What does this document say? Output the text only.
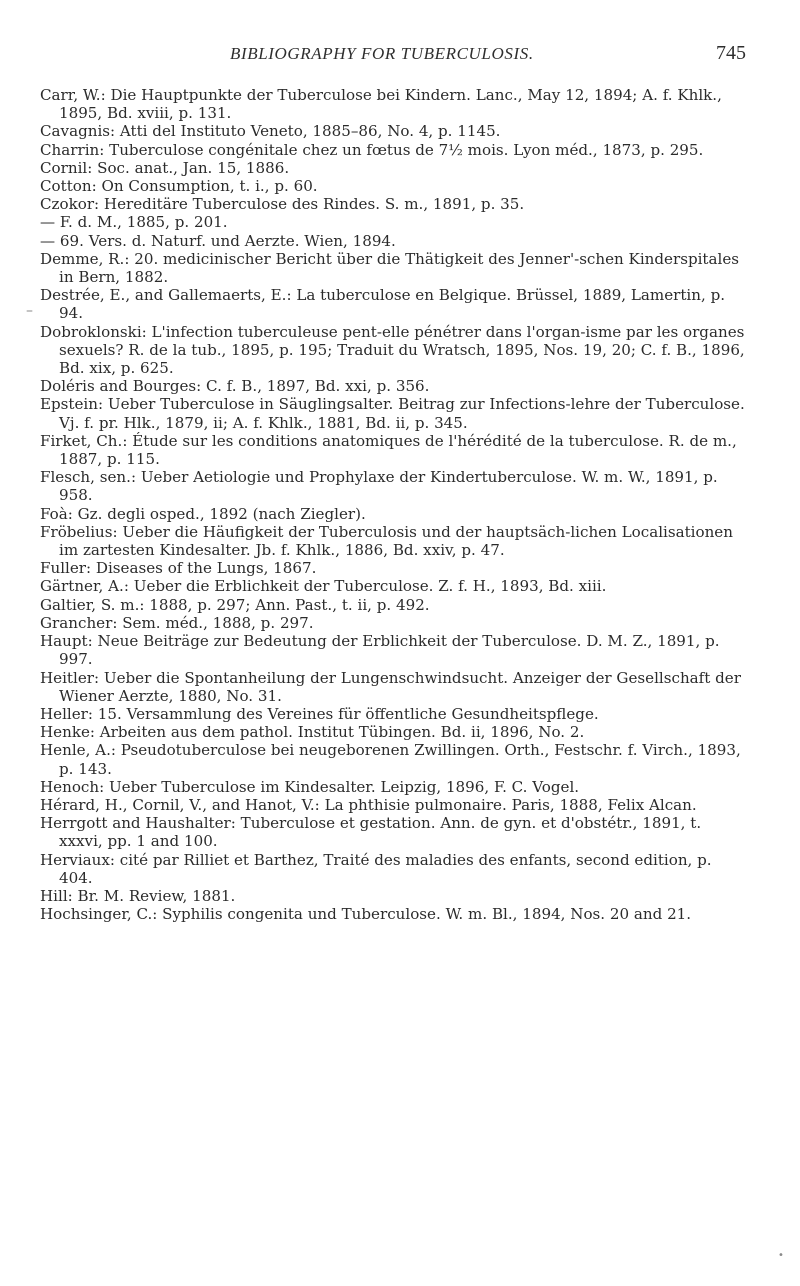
BIBLIOGRAPHY FOR TUBERCULOSIS.	745
Carr, W.: Die Hauptpunkte der Tuberculose bei Kindern. Lanc., May 12, 1894; A. f. Khlk., 1895, Bd. xviii, p. 131.
Cavagnis: Atti del Instituto Veneto, 1885–86, No. 4, p. 1145.
Charrin: Tuberculose congénitale chez un fœtus de 7½ mois. Lyon méd., 1873, p. 295.
Cornil: Soc. anat., Jan. 15, 1886.
Cotton: On Consumption, t. i., p. 60.
Czokor: Hereditäre Tuberculose des Rindes. S. m., 1891, p. 35.
— F. d. M., 1885, p. 201.
— 69. Vers. d. Naturf. und Aerzte. Wien, 1894.
Demme, R.: 20. medicinischer Bericht über die Thätigkeit des Jenner'-schen Kinderspitales in Bern, 1882.
Destrée, E., and Gallemaerts, E.: La tuberculose en Belgique. Brüssel, 1889, Lamertin, p. 94.
Dobroklonski: L'infection tuberculeuse pent-elle pénétrer dans l'organ-isme par les organes sexuels? R. de la tub., 1895, p. 195; Traduit du Wratsch, 1895, Nos. 19, 20; C. f. B., 1896, Bd. xix, p. 625.
Doléris and Bourges: C. f. B., 1897, Bd. xxi, p. 356.
Epstein: Ueber Tuberculose in Säuglingsalter. Beitrag zur Infections-lehre der Tuberculose. Vj. f. pr. Hlk., 1879, ii; A. f. Khlk., 1881, Bd. ii, p. 345.
Firket, Ch.: Étude sur les conditions anatomiques de l'hérédité de la tuberculose. R. de m., 1887, p. 115.
Flesch, sen.: Ueber Aetiologie und Prophylaxe der Kindertuberculose. W. m. W., 1891, p. 958.
Foà: Gz. degli osped., 1892 (nach Ziegler).
Fröbelius: Ueber die Häufigkeit der Tuberculosis und der hauptsäch-lichen Localisationen im zartesten Kindesalter. Jb. f. Khlk., 1886, Bd. xxiv, p. 47.
Fuller: Diseases of the Lungs, 1867.
Gärtner, A.: Ueber die Erblichkeit der Tuberculose. Z. f. H., 1893, Bd. xiii.
Galtier, S. m.: 1888, p. 297; Ann. Past., t. ii, p. 492.
Grancher: Sem. méd., 1888, p. 297.
Haupt: Neue Beiträge zur Bedeutung der Erblichkeit der Tuberculose. D. M. Z., 1891, p. 997.
Heitler: Ueber die Spontanheilung der Lungenschwindsucht. Anzeiger der Gesellschaft der Wiener Aerzte, 1880, No. 31.
Heller: 15. Versammlung des Vereines für öffentliche Gesundheitspflege.
Henke: Arbeiten aus dem pathol. Institut Tübingen. Bd. ii, 1896, No. 2.
Henle, A.: Pseudotuberculose bei neugeborenen Zwillingen. Orth., Festschr. f. Virch., 1893, p. 143.
Henoch: Ueber Tuberculose im Kindesalter. Leipzig, 1896, F. C. Vogel.
Hérard, H., Cornil, V., and Hanot, V.: La phthisie pulmonaire. Paris, 1888, Felix Alcan.
Herrgott and Haushalter: Tuberculose et gestation. Ann. de gyn. et d'obstétr., 1891, t. xxxvi, pp. 1 and 100.
Herviaux: cité par Rilliet et Barthez, Traité des maladies des enfants, second edition, p. 404.
Hill: Br. M. Review, 1881.
Hochsinger, C.: Syphilis congenita und Tuberculose. W. m. Bl., 1894, Nos. 20 and 21.
–
•
